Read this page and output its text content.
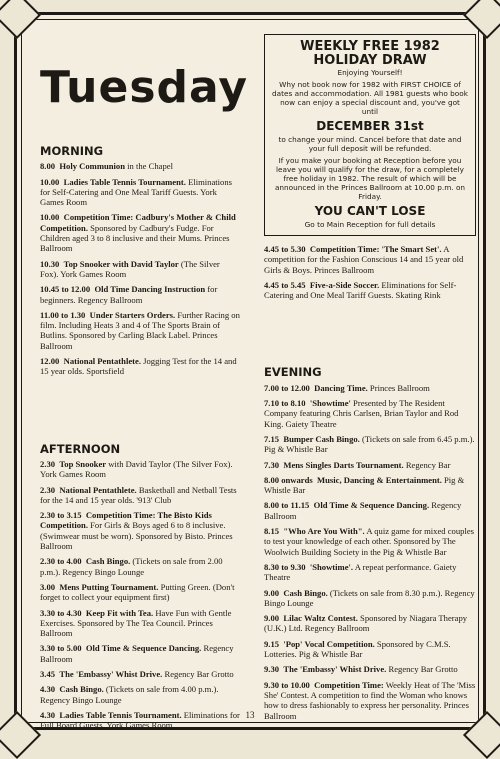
Tuesday
MORNING
8.00 Holy Communion in the Chapel
10.00 Ladies Table Tennis Tournament. Eliminations for Self-Catering and One Meal Tariff Guests. York Games Room
10.00 Competition Time: Cadbury's Mother & Child Competition. Sponsored by Cadbury's Fudge. For Children aged 3 to 8 inclusive and their Mums. Princes Ballroom
10.30 Top Snooker with David Taylor (The Silver Fox). York Games Room
10.45 to 12.00 Old Time Dancing Instruction for beginners. Regency Ballroom
11.00 to 1.30 Under Starters Orders. Further Racing on film. Including Heats 3 and 4 of The Sports Brain of Butlins. Sponsored by Carling Black Label. Princes Ballroom
12.00 National Pentathlete. Jogging Test for the 14 and 15 year olds. Sportsfield
AFTERNOON
2.30 Top Snooker with David Taylor (The Silver Fox). York Games Room
2.30 National Pentathlete. Basketball and Netball Tests for the 14 and 15 year olds. '913' Club
2.30 to 3.15 Competition Time: The Bisto Kids Competition. For Girls & Boys aged 6 to 8 inclusive. (Swimwear must be worn). Sponsored by Bisto. Princes Ballroom
2.30 to 4.00 Cash Bingo. (Tickets on sale from 2.00 p.m.). Regency Bingo Lounge
3.00 Mens Putting Tournament. Putting Green. (Don't forget to collect your equipment first)
3.30 to 4.30 Keep Fit with Tea. Have Fun with Gentle Exercises. Sponsored by The Tea Council. Princes Ballroom
3.30 to 5.00 Old Time & Sequence Dancing. Regency Ballroom
3.45 The 'Embassy' Whist Drive. Regency Bar Grotto
4.30 Cash Bingo. (Tickets on sale from 4.00 p.m.). Regency Bingo Lounge
4.30 Ladies Table Tennis Tournament. Eliminations for Full Board Guests. York Games Room
WEEKLY FREE 1982
HOLIDAY DRAW
Enjoying Yourself!
Why not book now for 1982 with FIRST CHOICE of dates and accommodation. All 1981 guests who book now can enjoy a special discount and, you've got until
DECEMBER 31st
to change your mind. Cancel before that date and your full deposit will be refunded.
If you make your booking at Reception before you leave you will qualify for the draw, for a completely free holiday in 1982. The result of which will be announced in the Princes Ballroom at 10.00 p.m. on Friday.
YOU CAN'T LOSE
Go to Main Reception for full details
4.45 to 5.30 Competition Time: 'The Smart Set'. A competition for the Fashion Conscious 14 and 15 year old Girls & Boys. Princes Ballroom
4.45 to 5.45 Five-a-Side Soccer. Eliminations for Self-Catering and One Meal Tariff Guests. Skating Rink
EVENING
7.00 to 12.00 Dancing Time. Princes Ballroom
7.10 to 8.10 'Showtime' Presented by The Resident Company featuring Chris Carlsen, Brian Taylor and Rod King. Gaiety Theatre
7.15 Bumper Cash Bingo. (Tickets on sale from 6.45 p.m.). Pig & Whistle Bar
7.30 Mens Singles Darts Tournament. Regency Bar
8.00 onwards Music, Dancing & Entertainment. Pig & Whistle Bar
8.00 to 11.15 Old Time & Sequence Dancing. Regency Ballroom
8.15 "Who Are You With". A quiz game for mixed couples to test your knowledge of each other. Sponsored by The Woolwich Building Society in the Pig & Whistle Bar
8.30 to 9.30 'Showtime'. A repeat performance. Gaiety Theatre
9.00 Cash Bingo. (Tickets on sale from 8.30 p.m.). Regency Bingo Lounge
9.00 Lilac Waltz Contest. Sponsored by Niagara Therapy (U.K.) Ltd. Regency Ballroom
9.15 'Pop' Vocal Competition. Sponsored by C.M.S. Lotteries. Pig & Whistle Bar
9.30 The 'Embassy' Whist Drive. Regency Bar Grotto
9.30 to 10.00 Competition Time: Weekly Heat of The 'Miss She' Contest. A competition to find the Woman who knows how to dress fashionably to express her personality. Princes Ballroom
13
